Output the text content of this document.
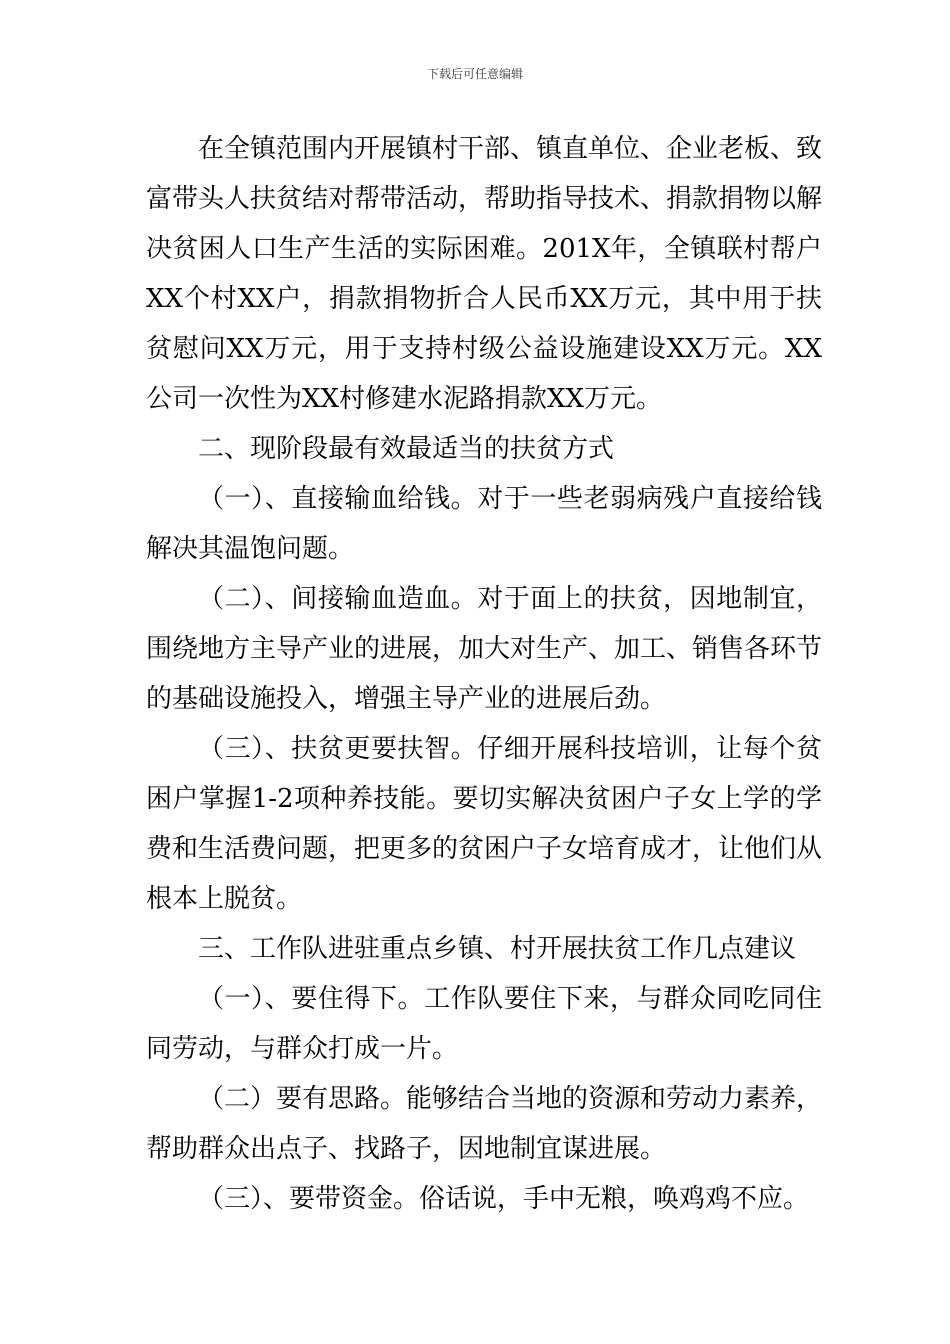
下载后可任意编辑

在全镇范围内开展镇村干部、镇直单位、企业老板、致富带头人扶贫结对帮带活动，帮助指导技术、捐款捐物以解决贫困人口生产生活的实际困难。201X年，全镇联村帮户XX个村XX户，捐款捐物折合人民币XX万元，其中用于扶贫慰问XX万元，用于支持村级公益设施建设XX万元。XX公司一次性为XX村修建水泥路捐款XX万元。

二、现阶段最有效最适当的扶贫方式

（一）、直接输血给钱。对于一些老弱病残户直接给钱解决其温饱问题。

（二）、间接输血造血。对于面上的扶贫，因地制宜，围绕地方主导产业的进展，加大对生产、加工、销售各环节的基础设施投入，增强主导产业的进展后劲。

（三）、扶贫更要扶智。仔细开展科技培训，让每个贫困户掌握1-2项种养技能。要切实解决贫困户子女上学的学费和生活费问题，把更多的贫困户子女培育成才，让他们从根本上脱贫。

三、工作队进驻重点乡镇、村开展扶贫工作几点建议

（一）、要住得下。工作队要住下来，与群众同吃同住同劳动，与群众打成一片。

（二）要有思路。能够结合当地的资源和劳动力素养，帮助群众出点子、找路子，因地制宜谋进展。

（三）、要带资金。俗话说，手中无粮，唤鸡鸡不应。
